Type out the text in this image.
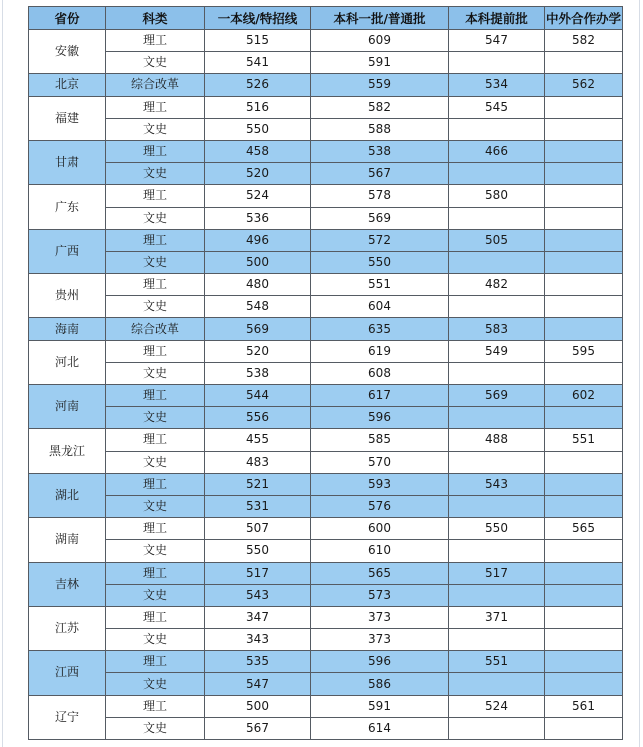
省份	科类	一本线/特招线	本科一批/普通批	本科提前批	中外合作办学
安徽	理工	515	609	547	582
	文史	541	591		
北京	综合改革	526	559	534	562
福建	理工	516	582	545	
	文史	550	588		
甘肃	理工	458	538	466	
	文史	520	567		
广东	理工	524	578	580	
	文史	536	569		
广西	理工	496	572	505	
	文史	500	550		
贵州	理工	480	551	482	
	文史	548	604		
海南	综合改革	569	635	583	
河北	理工	520	619	549	595
	文史	538	608		
河南	理工	544	617	569	602
	文史	556	596		
黑龙江	理工	455	585	488	551
	文史	483	570		
湖北	理工	521	593	543	
	文史	531	576		
湖南	理工	507	600	550	565
	文史	550	610		
吉林	理工	517	565	517	
	文史	543	573		
江苏	理工	347	373	371	
	文史	343	373		
江西	理工	535	596	551	
	文史	547	586		
辽宁	理工	500	591	524	561
	文史	567	614		
